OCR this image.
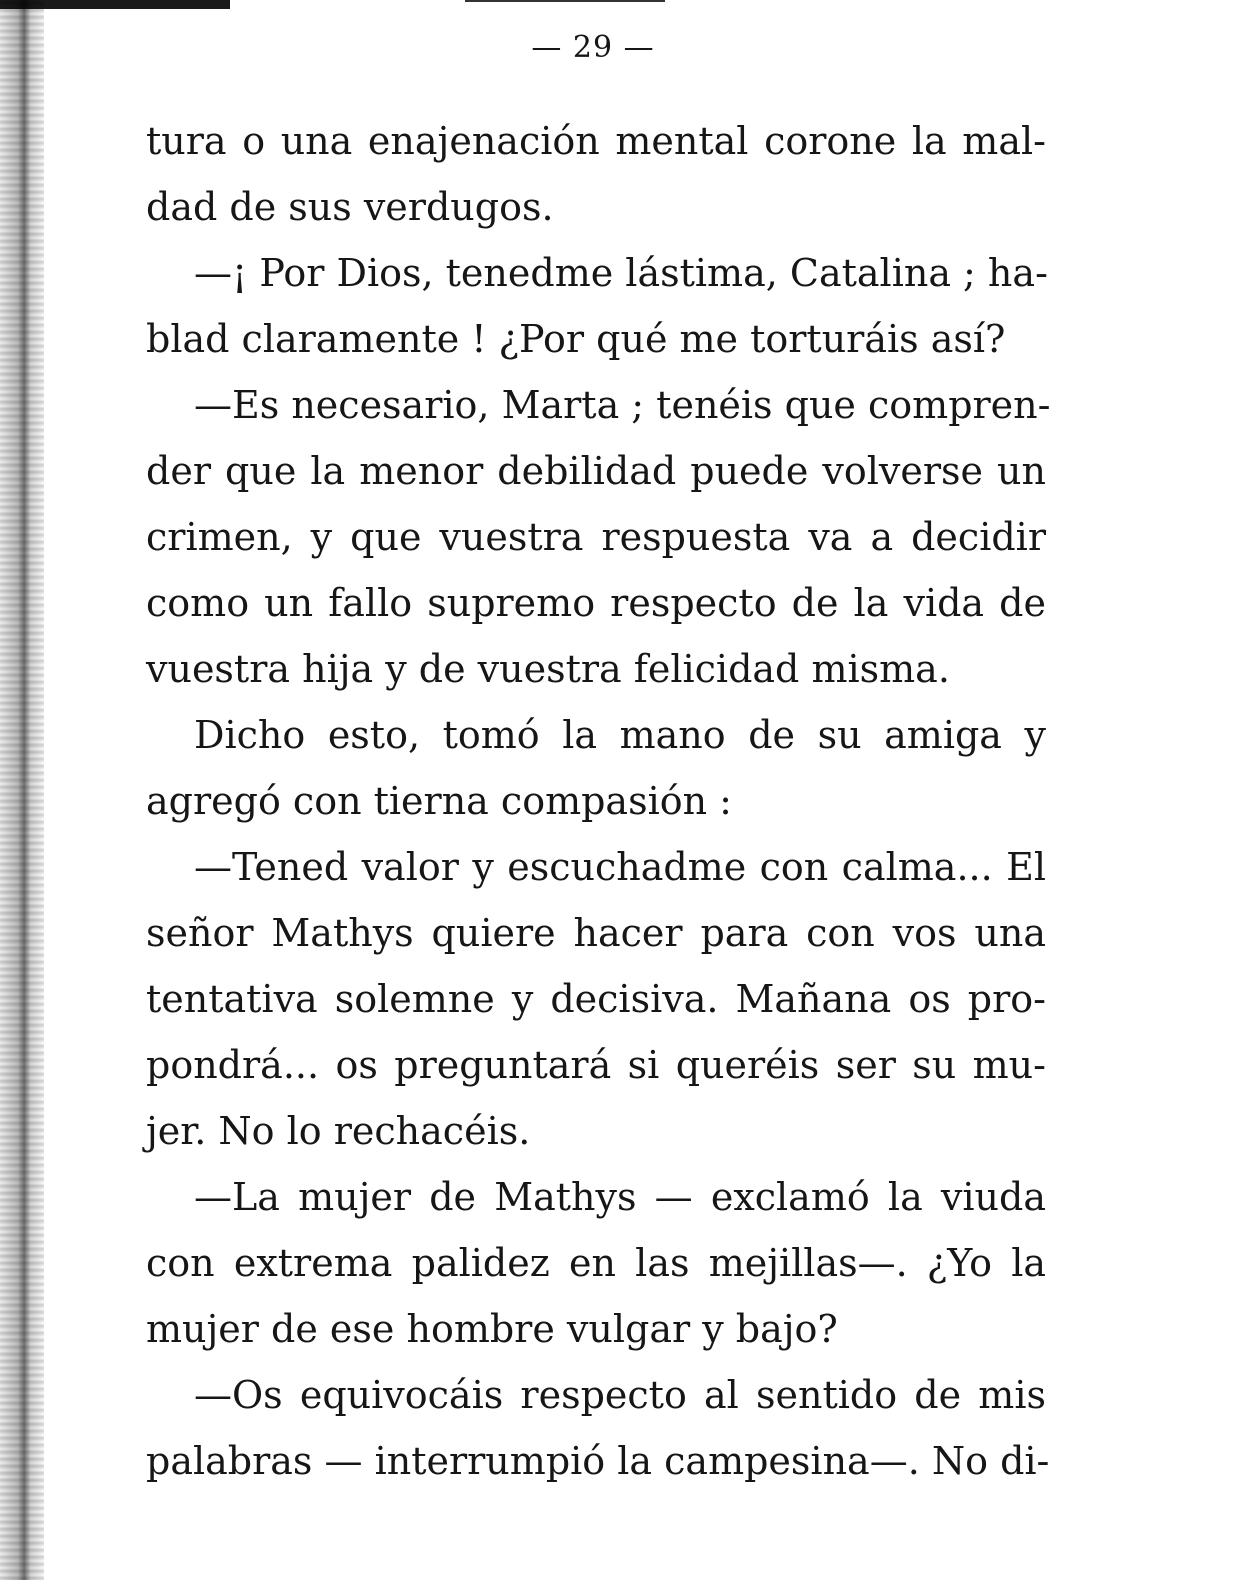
— 29 —
tura o una enajenación mental corone la mal-
dad de sus verdugos.
—¡ Por Dios, tenedme lástima, Catalina ; ha-
blad claramente ! ¿Por qué me torturáis así?
—Es necesario, Marta ; tenéis que compren-
der que la menor debilidad puede volverse un
crimen, y que vuestra respuesta va a decidir
como un fallo supremo respecto de la vida de
vuestra hija y de vuestra felicidad misma.
Dicho esto, tomó la mano de su amiga y
agregó con tierna compasión :
—Tened valor y escuchadme con calma... El
señor Mathys quiere hacer para con vos una
tentativa solemne y decisiva. Mañana os pro-
pondrá... os preguntará si queréis ser su mu-
jer. No lo rechacéis.
—La mujer de Mathys — exclamó la viuda
con extrema palidez en las mejillas—. ¿Yo la
mujer de ese hombre vulgar y bajo?
—Os equivocáis respecto al sentido de mis
palabras — interrumpió la campesina—. No di-
